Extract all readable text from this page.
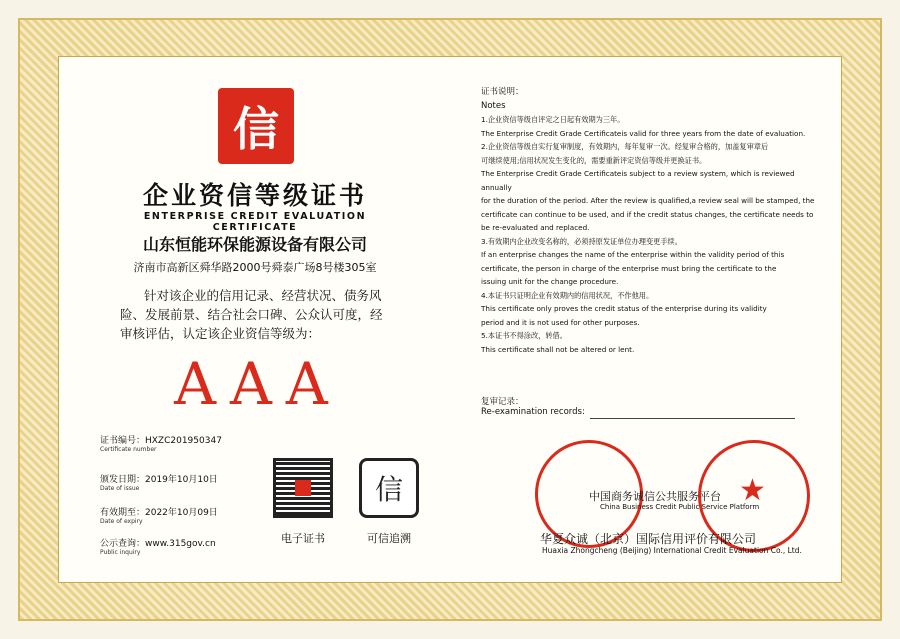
信
企业资信等级证书
ENTERPRISE CREDIT EVALUATION CERTIFICATE
山东恒能环保能源设备有限公司
济南市高新区舜华路2000号舜泰广场8号楼305室
针对该企业的信用记录、经营状况、债务风险、发展前景、结合社会口碑、公众认可度，经审核评估，认定该企业资信等级为：
AAA
证书编号：HXZC201950347
Certificate number
颁发日期：2019年10月10日
Date of issue
有效期至：2022年10月09日
Date of expiry
公示查询：www.315gov.cn
Public inquiry
电子证书
信
可信追溯
证书说明：
Notes
1.企业资信等级自评定之日起有效期为三年。
The Enterprise Credit Grade Certificateis valid for three years from the date of evaluation.
2.企业资信等级自实行复审制度，有效期内，每年复审一次。经复审合格的，加盖复审章后
可继续使用;信用状况发生变化的，需要重新评定资信等级并更换证书。
The Enterprise Credit Grade Certificateis subject to a review system, which is reviewed annually
for the duration of the period. After the review is qualified,a review seal will be stamped, the
certificate can continue to be used, and if the credit status changes, the certificate needs to
be re-evaluated and replaced.
3.有效期内企业改变名称的，必须持原发证单位办理变更手续。
If an enterprise changes the name of the enterprise within the validity period of this
certificate, the person in charge of the enterprise must bring the certificate to the
issuing unit for the change procedure.
4.本证书只证明企业有效期内的信用状况，不作他用。
This certificate only proves the credit status of the enterprise during its validity
period and it is not used for other purposes.
5.本证书不得涂改，转借。
This certificate shall not be altered or lent.
复审记录：
Re-examination records:
★
中国商务诚信公共服务平台
China Business Credit Public Service Platform
华夏众诚（北京）国际信用评价有限公司
Huaxia Zhongcheng (Beijing) International Credit Evaluation Co., Ltd.
